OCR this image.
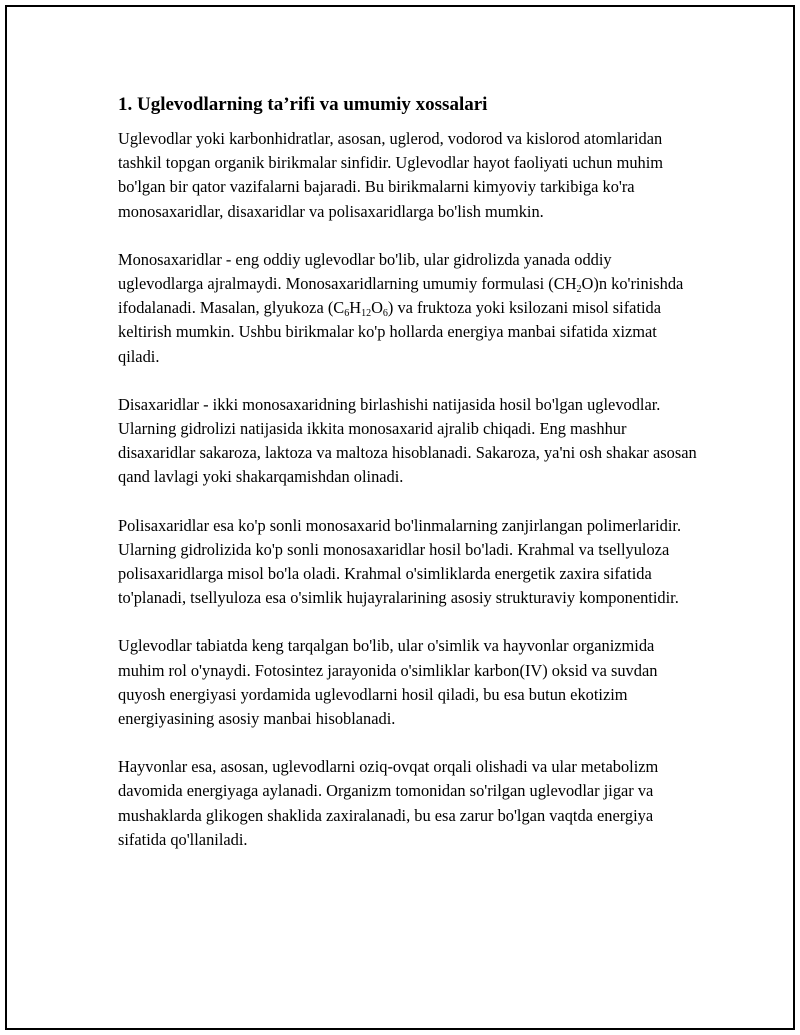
1. Uglevodlarning ta’rifi va umumiy xossalari

Uglevodlar yoki karbonhidratlar, asosan, uglerod, vodorod va kislorod atomlaridan tashkil topgan organik birikmalar sinfidir. Uglevodlar hayot faoliyati uchun muhim bo'lgan bir qator vazifalarni bajaradi. Bu birikmalarni kimyoviy tarkibiga ko'ra monosaxaridlar, disaxaridlar va polisaxaridlarga bo'lish mumkin.

Monosaxaridlar - eng oddiy uglevodlar bo'lib, ular gidrolizda yanada oddiy uglevodlarga ajralmaydi. Monosaxaridlarning umumiy formulasi $(CH_2O)n$ ko'rinishda ifodalanadi. Masalan, glyukoza $(C_6H_{12}O_6)$ va fruktoza yoki ksilozani misol sifatida keltirish mumkin. Ushbu birikmalar ko'p hollarda energiya manbai sifatida xizmat qiladi.

Disaxaridlar - ikki monosaxaridning birlashishi natijasida hosil bo'lgan uglevodlar. Ularning gidrolizi natijasida ikkita monosaxarid ajralib chiqadi. Eng mashhur disaxaridlar sakaroza, laktoza va maltoza hisoblanadi. Sakaroza, ya'ni osh shakar asosan qand lavlagi yoki shakarqamishdan olinadi.

Polisaxaridlar esa ko'p sonli monosaxarid bo'linmalarning zanjirlangan polimerlaridir. Ularning gidrolizida ko'p sonli monosaxaridlar hosil bo'ladi. Krahmal va tsellyuloza polisaxaridlarga misol bo'la oladi. Krahmal o'simliklarda energetik zaxira sifatida to'planadi, tsellyuloza esa o'simlik hujayralarining asosiy strukturaviy komponentidir.

Uglevodlar tabiatda keng tarqalgan bo'lib, ular o'simlik va hayvonlar organizmida muhim rol o'ynaydi. Fotosintez jarayonida o'simliklar karbon(IV) oksid va suvdan quyosh energiyasi yordamida uglevodlarni hosil qiladi, bu esa butun ekotizim energiyasining asosiy manbai hisoblanadi.

Hayvonlar esa, asosan, uglevodlarni oziq-ovqat orqali olishadi va ular metabolizm davomida energiyaga aylanadi. Organizm tomonidan so'rilgan uglevodlar jigar va mushaklarda glikogen shaklida zaxiralanadi, bu esa zarur bo'lgan vaqtda energiya sifatida qo'llaniladi.
